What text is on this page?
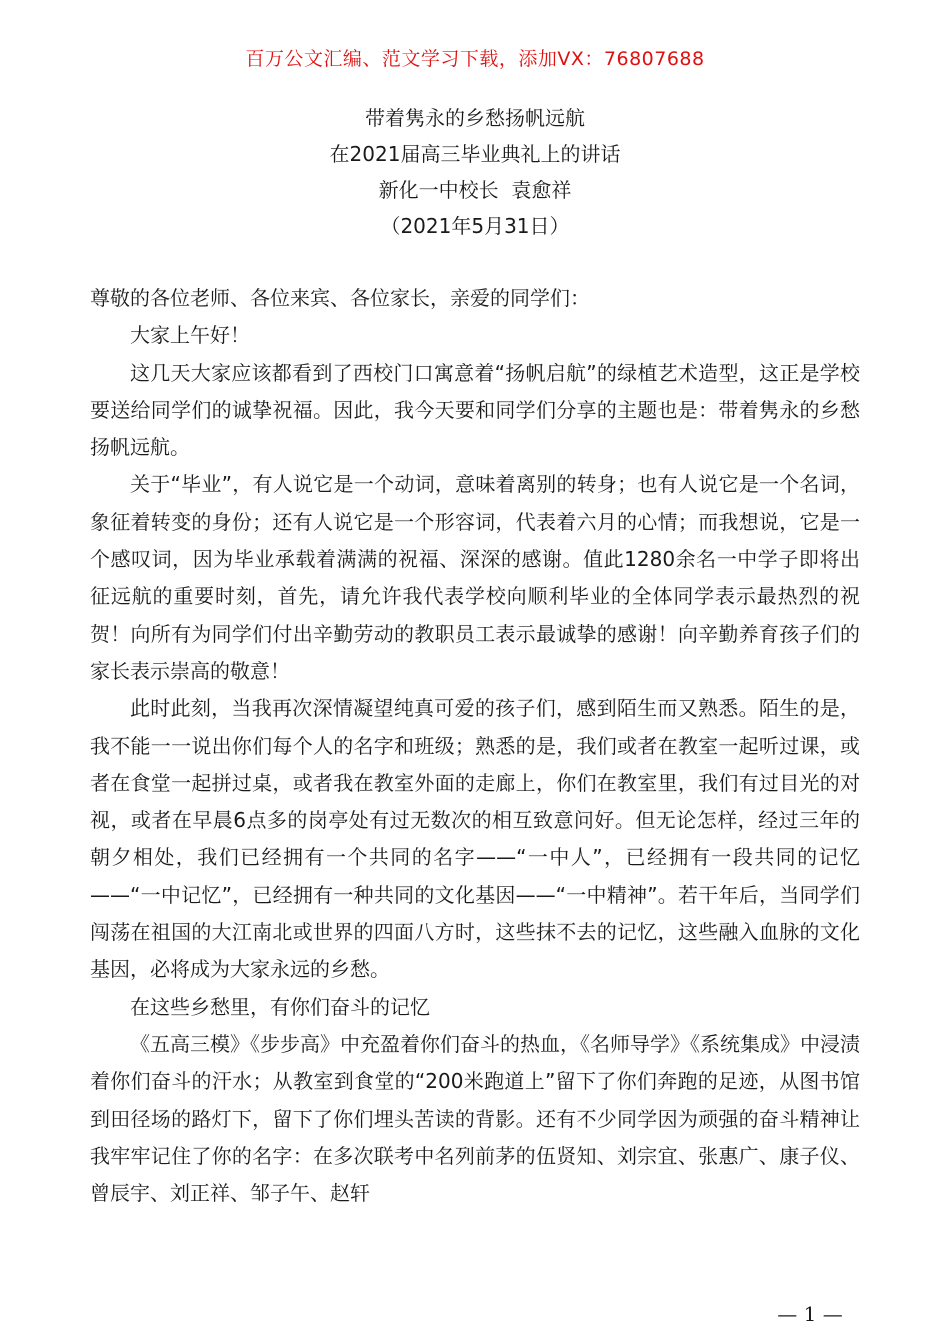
百万公文汇编、范文学习下载，添加VX：76807688
带着隽永的乡愁扬帆远航
在2021届高三毕业典礼上的讲话
新化一中校长  袁愈祥
（2021年5月31日）

尊敬的各位老师、各位来宾、各位家长，亲爱的同学们：

大家上午好！

这几天大家应该都看到了西校门口寓意着“扬帆启航”的绿植艺术造型，这正是学校要送给同学们的诚挚祝福。因此，我今天要和同学们分享的主题也是：带着隽永的乡愁扬帆远航。

关于“毕业”，有人说它是一个动词，意味着离别的转身；也有人说它是一个名词，象征着转变的身份；还有人说它是一个形容词，代表着六月的心情；而我想说，它是一个感叹词，因为毕业承载着满满的祝福、深深的感谢。值此1280余名一中学子即将出征远航的重要时刻，首先，请允许我代表学校向顺利毕业的全体同学表示最热烈的祝贺！向所有为同学们付出辛勤劳动的教职员工表示最诚挚的感谢！向辛勤养育孩子们的家长表示崇高的敬意！

此时此刻，当我再次深情凝望纯真可爱的孩子们，感到陌生而又熟悉。陌生的是，我不能一一说出你们每个人的名字和班级；熟悉的是，我们或者在教室一起听过课，或者在食堂一起拼过桌，或者我在教室外面的走廊上，你们在教室里，我们有过目光的对视，或者在早晨6点多的岗亭处有过无数次的相互致意问好。但无论怎样，经过三年的朝夕相处，我们已经拥有一个共同的名字——“一中人”，已经拥有一段共同的记忆——“一中记忆”，已经拥有一种共同的文化基因——“一中精神”。若干年后，当同学们闯荡在祖国的大江南北或世界的四面八方时，这些抹不去的记忆，这些融入血脉的文化基因，必将成为大家永远的乡愁。

在这些乡愁里，有你们奋斗的记忆

《五高三模》《步步高》中充盈着你们奋斗的热血，《名师导学》《系统集成》中浸渍着你们奋斗的汗水；从教室到食堂的“200米跑道上”留下了你们奔跑的足迹，从图书馆到田径场的路灯下，留下了你们埋头苦读的背影。还有不少同学因为顽强的奋斗精神让我牢牢记住了你的名字：在多次联考中名列前茅的伍贤知、刘宗宜、张惠广、康子仪、曾辰宇、刘正祥、邹子午、赵轩

— 1 —
